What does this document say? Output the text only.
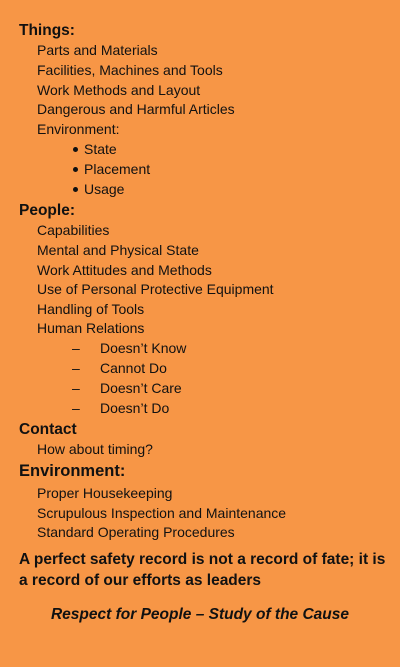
Things:
Parts and Materials
Facilities, Machines and Tools
Work Methods and Layout
Dangerous and Harmful Articles
Environment:
State
Placement
Usage
People:
Capabilities
Mental and Physical State
Work Attitudes and Methods
Use of Personal Protective Equipment
Handling of Tools
Human Relations
– Doesn’t Know
– Cannot Do
– Doesn’t Care
– Doesn’t Do
Contact
How about timing?
Environment:
Proper Housekeeping
Scrupulous Inspection and Maintenance
Standard Operating Procedures
A perfect safety record is not a record of fate; it is a record of our efforts as leaders
Respect for People – Study of the Cause
